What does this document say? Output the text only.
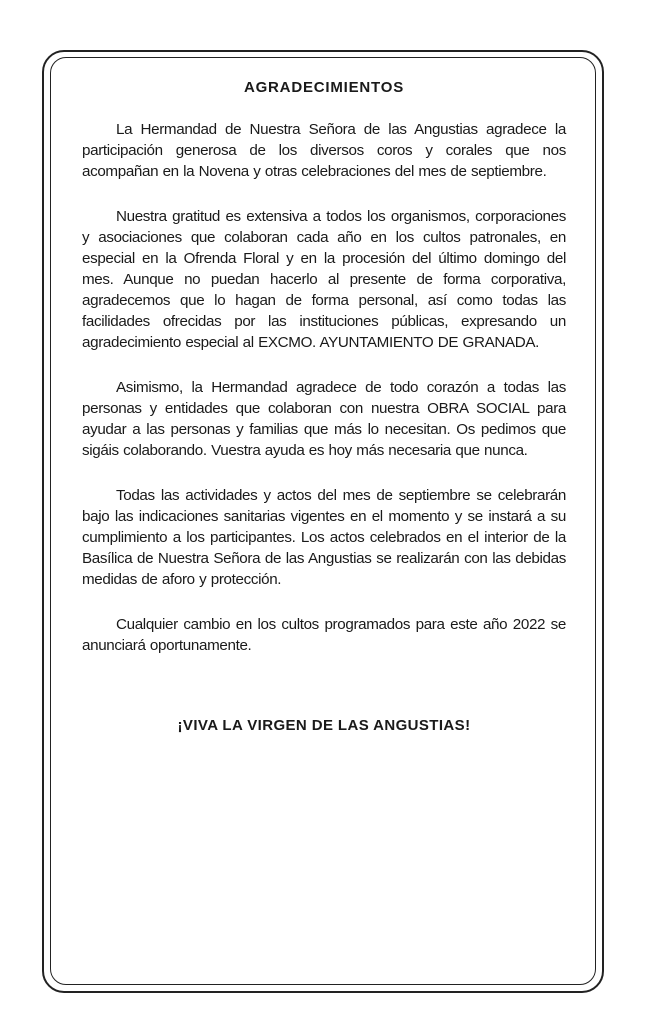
AGRADECIMIENTOS

La Hermandad de Nuestra Señora de las Angustias agradece la participación generosa de los diversos coros y corales que nos acompañan en la Novena y otras celebraciones del mes de septiembre.

Nuestra gratitud es extensiva a todos los organismos, corporaciones y asociaciones que colaboran cada año en los cultos patronales, en especial en la Ofrenda Floral y en la procesión del último domingo del mes. Aunque no puedan hacerlo al presente de forma corporativa, agradecemos que lo hagan de forma personal, así como todas las facilidades ofrecidas por las instituciones públicas, expresando un agradecimiento especial al EXCMO. AYUNTAMIENTO DE GRANADA.

Asimismo, la Hermandad agradece de todo corazón a todas las personas y entidades que colaboran con nuestra OBRA SOCIAL para ayudar a las personas y familias que más lo necesitan. Os pedimos que sigáis colaborando. Vuestra ayuda es hoy más necesaria que nunca.

Todas las actividades y actos del mes de septiembre se celebrarán bajo las indicaciones sanitarias vigentes en el momento y se instará a su cumplimiento a los participantes. Los actos celebrados en el interior de la Basílica de Nuestra Señora de las Angustias se realizarán con las debidas medidas de aforo y protección.

Cualquier cambio en los cultos programados para este año 2022 se anunciará oportunamente.

¡VIVA LA VIRGEN DE LAS ANGUSTIAS!
